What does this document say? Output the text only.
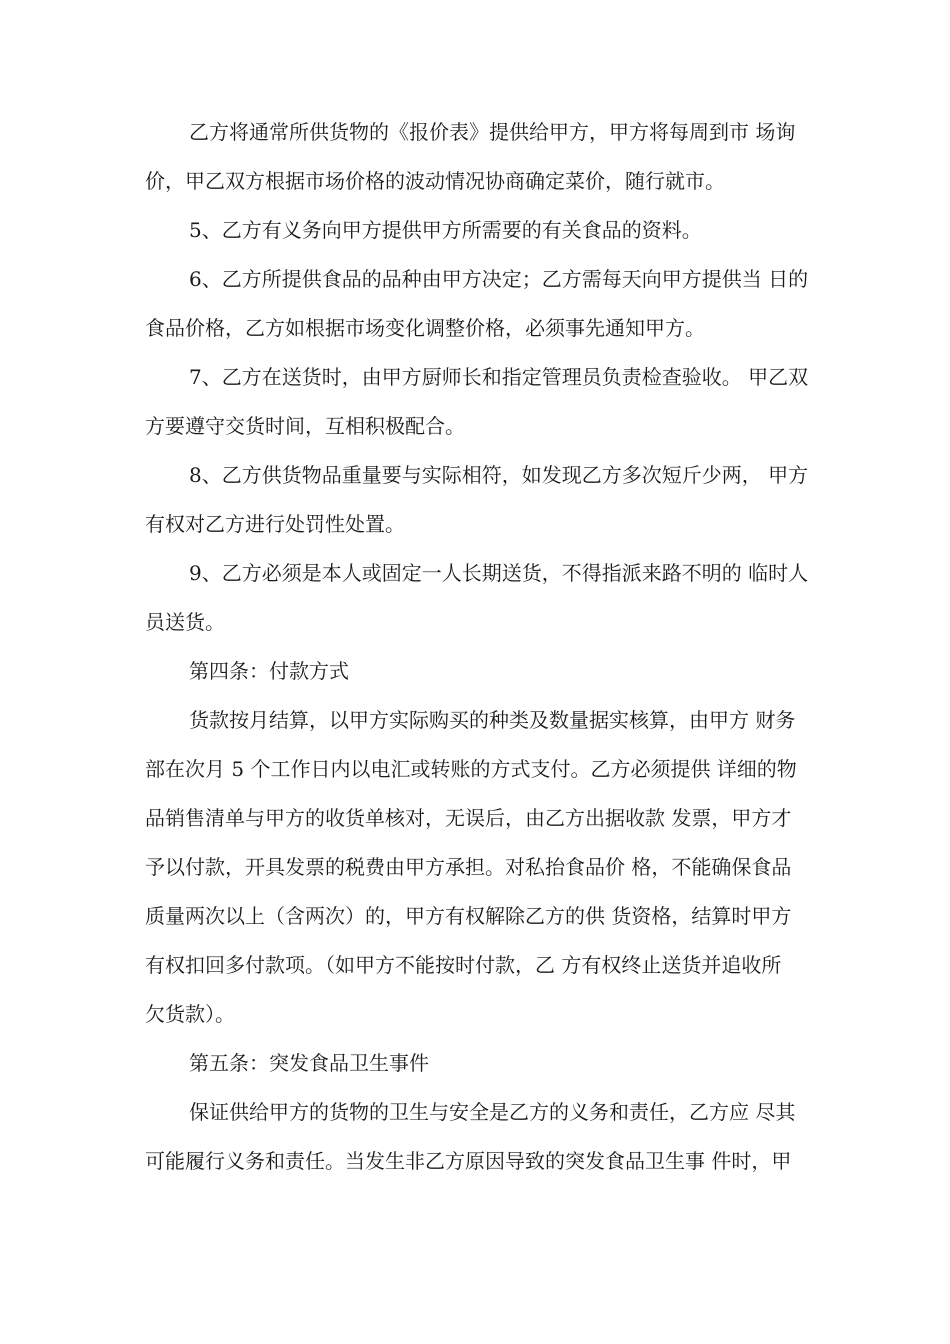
乙方将通常所供货物的《报价表》提供给甲方，甲方将每周到市 场询
价，甲乙双方根据市场价格的波动情况协商确定菜价，随行就市。
5、乙方有义务向甲方提供甲方所需要的有关食品的资料。
6、乙方所提供食品的品种由甲方决定；乙方需每天向甲方提供当 日的
食品价格，乙方如根据市场变化调整价格，必须事先通知甲方。
7、乙方在送货时，由甲方厨师长和指定管理员负责检查验收。 甲乙双
方要遵守交货时间，互相积极配合。
8、乙方供货物品重量要与实际相符，如发现乙方多次短斤少两， 甲方
有权对乙方进行处罚性处置。
9、乙方必须是本人或固定一人长期送货，不得指派来路不明的 临时人
员送货。
第四条：付款方式
货款按月结算，以甲方实际购买的种类及数量据实核算，由甲方 财务
部在次月 5 个工作日内以电汇或转账的方式支付。乙方必须提供 详细的物
品销售清单与甲方的收货单核对，无误后，由乙方出据收款 发票，甲方才
予以付款，开具发票的税费由甲方承担。对私抬食品价 格，不能确保食品
质量两次以上（含两次）的，甲方有权解除乙方的供 货资格，结算时甲方
有权扣回多付款项。（如甲方不能按时付款，乙 方有权终止送货并追收所
欠货款）。
第五条：突发食品卫生事件
保证供给甲方的货物的卫生与安全是乙方的义务和责任，乙方应 尽其
可能履行义务和责任。当发生非乙方原因导致的突发食品卫生事 件时，甲
